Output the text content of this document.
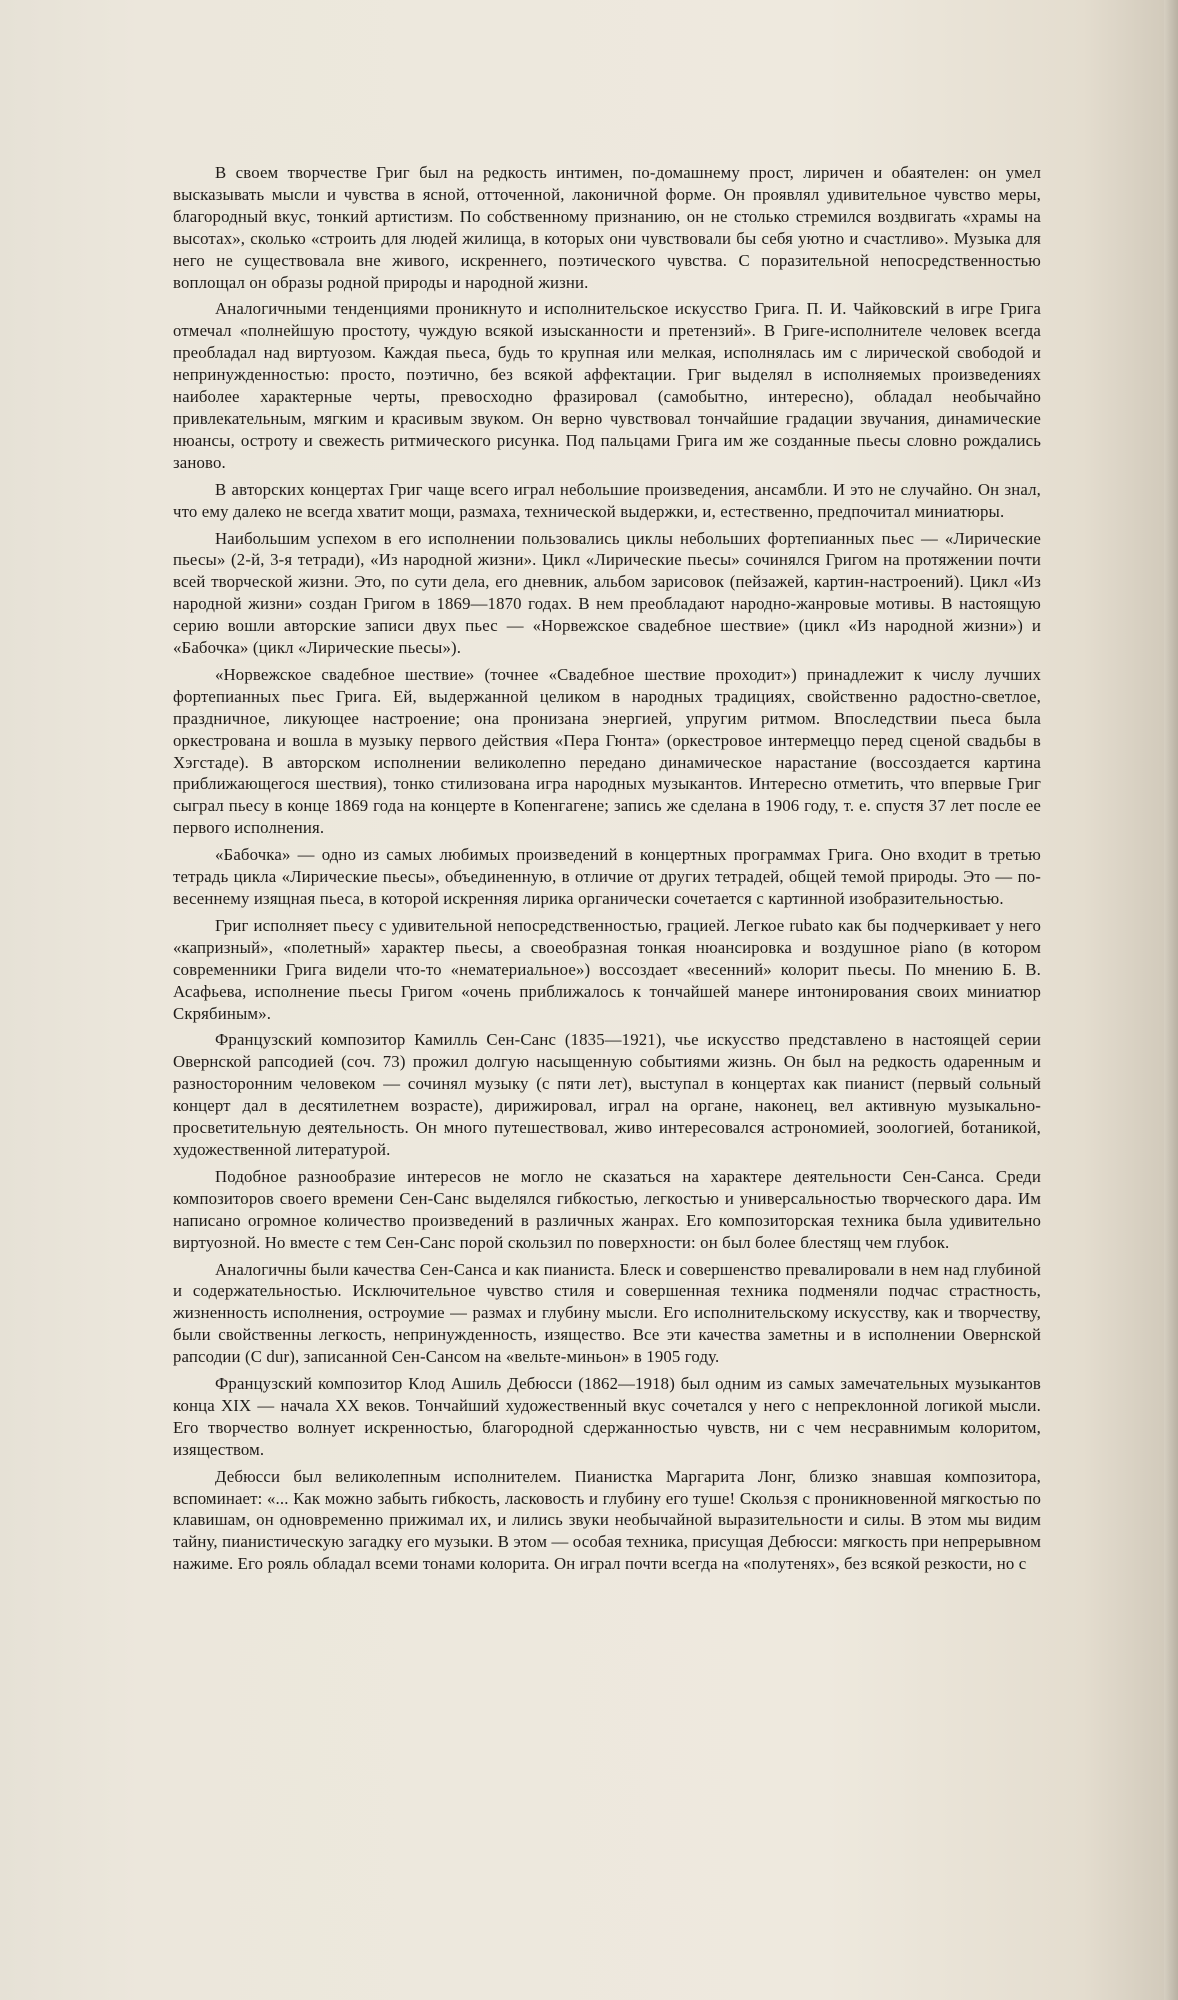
В своем творчестве Григ был на редкость интимен, по-домашнему прост, лиричен и обаятелен: он умел высказывать мысли и чувства в ясной, отточенной, лаконичной форме. Он проявлял удивительное чувство меры, благородный вкус, тонкий артистизм. По собственному признанию, он не столько стремился воздвигать «храмы на высотах», сколько «строить для людей жилища, в которых они чувствовали бы себя уютно и счастливо». Музыка для него не существовала вне живого, искреннего, поэтического чувства. С поразительной непосредственностью воплощал он образы родной природы и народной жизни.

Аналогичными тенденциями проникнуто и исполнительское искусство Грига. П. И. Чайковский в игре Грига отмечал «полнейшую простоту, чуждую всякой изысканности и претензий». В Григе-исполнителе человек всегда преобладал над виртуозом. Каждая пьеса, будь то крупная или мелкая, исполнялась им с лирической свободой и непринужденностью: просто, поэтично, без всякой аффектации. Григ выделял в исполняемых произведениях наиболее характерные черты, превосходно фразировал (самобытно, интересно), обладал необычайно привлекательным, мягким и красивым звуком. Он верно чувствовал тончайшие градации звучания, динамические нюансы, остроту и свежесть ритмического рисунка. Под пальцами Грига им же созданные пьесы словно рождались заново.

В авторских концертах Григ чаще всего играл небольшие произведения, ансамбли. И это не случайно. Он знал, что ему далеко не всегда хватит мощи, размаха, технической выдержки, и, естественно, предпочитал миниатюры.

Наибольшим успехом в его исполнении пользовались циклы небольших фортепианных пьес — «Лирические пьесы» (2-й, 3-я тетради), «Из народной жизни». Цикл «Лирические пьесы» сочинялся Григом на протяжении почти всей творческой жизни. Это, по сути дела, его дневник, альбом зарисовок (пейзажей, картин-настроений). Цикл «Из народной жизни» создан Григом в 1869—1870 годах. В нем преобладают народно-жанровые мотивы. В настоящую серию вошли авторские записи двух пьес — «Норвежское свадебное шествие» (цикл «Из народной жизни») и «Бабочка» (цикл «Лирические пьесы»).

«Норвежское свадебное шествие» (точнее «Свадебное шествие проходит») принадлежит к числу лучших фортепианных пьес Грига. Ей, выдержанной целиком в народных традициях, свойственно радостно-светлое, праздничное, ликующее настроение; она пронизана энергией, упругим ритмом. Впоследствии пьеса была оркестрована и вошла в музыку первого действия «Пера Гюнта» (оркестровое интермеццо перед сценой свадьбы в Хэгстаде). В авторском исполнении великолепно передано динамическое нарастание (воссоздается картина приближающегося шествия), тонко стилизована игра народных музыкантов. Интересно отметить, что впервые Григ сыграл пьесу в конце 1869 года на концерте в Копенгагене; запись же сделана в 1906 году, т. е. спустя 37 лет после ее первого исполнения.

«Бабочка» — одно из самых любимых произведений в концертных программах Грига. Оно входит в третью тетрадь цикла «Лирические пьесы», объединенную, в отличие от других тетрадей, общей темой природы. Это — по-весеннему изящная пьеса, в которой искренняя лирика органически сочетается с картинной изобразительностью.

Григ исполняет пьесу с удивительной непосредственностью, грацией. Легкое rubato как бы подчеркивает у него «капризный», «полетный» характер пьесы, а своеобразная тонкая нюансировка и воздушное piano (в котором современники Грига видели что-то «нематериальное») воссоздает «весенний» колорит пьесы. По мнению Б. В. Асафьева, исполнение пьесы Григом «очень приближалось к тончайшей манере интонирования своих миниатюр Скрябиным».

Французский композитор Камилль Сен-Санс (1835—1921), чье искусство представлено в настоящей серии Овернской рапсодией (соч. 73) прожил долгую насыщенную событиями жизнь. Он был на редкость одаренным и разносторонним человеком — сочинял музыку (с пяти лет), выступал в концертах как пианист (первый сольный концерт дал в десятилетнем возрасте), дирижировал, играл на органе, наконец, вел активную музыкально-просветительную деятельность. Он много путешествовал, живо интересовался астрономией, зоологией, ботаникой, художественной литературой.

Подобное разнообразие интересов не могло не сказаться на характере деятельности Сен-Санса. Среди композиторов своего времени Сен-Санс выделялся гибкостью, легкостью и универсальностью творческого дара. Им написано огромное количество произведений в различных жанрах. Его композиторская техника была удивительно виртуозной. Но вместе с тем Сен-Санс порой скользил по поверхности: он был более блестящ чем глубок.

Аналогичны были качества Сен-Санса и как пианиста. Блеск и совершенство превалировали в нем над глубиной и содержательностью. Исключительное чувство стиля и совершенная техника подменяли подчас страстность, жизненность исполнения, остроумие — размах и глубину мысли. Его исполнительскому искусству, как и творчеству, были свойственны легкость, непринужденность, изящество. Все эти качества заметны и в исполнении Овернской рапсодии (C dur), записанной Сен-Сансом на «вельте-миньон» в 1905 году.

Французский композитор Клод Ашиль Дебюсси (1862—1918) был одним из самых замечательных музыкантов конца XIX — начала XX веков. Тончайший художественный вкус сочетался у него с непреклонной логикой мысли. Его творчество волнует искренностью, благородной сдержанностью чувств, ни с чем несравнимым колоритом, изяществом.

Дебюсси был великолепным исполнителем. Пианистка Маргарита Лонг, близко знавшая композитора, вспоминает: «... Как можно забыть гибкость, ласковость и глубину его туше! Скользя с проникновенной мягкостью по клавишам, он одновременно прижимал их, и лились звуки необычайной выразительности и силы. В этом мы видим тайну, пианистическую загадку его музыки. В этом — особая техника, присущая Дебюсси: мягкость при непрерывном нажиме. Его рояль обладал всеми тонами колорита. Он играл почти всегда на «полутенях», без всякой резкости, но с
